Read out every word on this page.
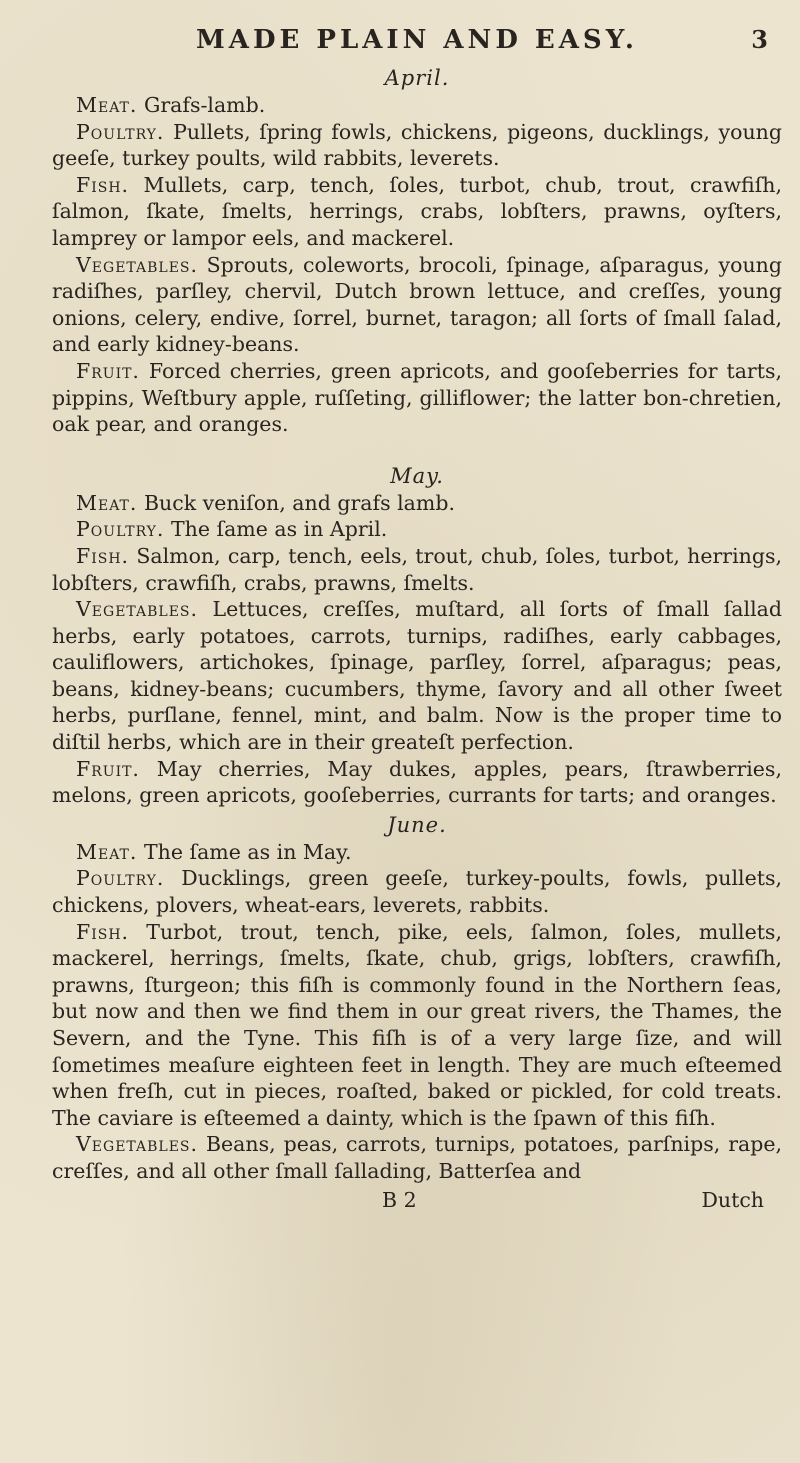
MADE PLAIN AND EASY.	3
April.

Meat. Grafs-lamb.

Poultry. Pullets, ſpring fowls, chickens, pigeons, ducklings, young geeſe, turkey poults, wild rabbits, leverets.

Fish. Mullets, carp, tench, ſoles, turbot, chub, trout, crawfiſh, ſalmon, ſkate, ſmelts, herrings, crabs, lobſters, prawns, oyſters, lamprey or lampor eels, and mackerel.

Vegetables. Sprouts, coleworts, brocoli, ſpinage, aſparagus, young radiſhes, parſley, chervil, Dutch brown lettuce, and creſſes, young onions, celery, endive, ſorrel, burnet, taragon; all ſorts of ſmall ſalad, and early kidney-beans.

Fruit. Forced cherries, green apricots, and gooſeberries for tarts, pippins, Weſtbury apple, ruſſeting, gilliflower; the latter bon-chretien, oak pear, and oranges.

May.

Meat. Buck veniſon, and grafs lamb.

Poultry. The ſame as in April.

Fish. Salmon, carp, tench, eels, trout, chub, ſoles, turbot, herrings, lobſters, crawfiſh, crabs, prawns, ſmelts.

Vegetables. Lettuces, creſſes, muſtard, all ſorts of ſmall ſallad herbs, early potatoes, carrots, turnips, radiſhes, early cabbages, cauliflowers, artichokes, ſpinage, parſley, ſorrel, aſparagus; peas, beans, kidney-beans; cucumbers, thyme, ſavory and all other ſweet herbs, purſlane, fennel, mint, and balm. Now is the proper time to diſtil herbs, which are in their greateſt perfection.

Fruit. May cherries, May dukes, apples, pears, ſtrawberries, melons, green apricots, gooſeberries, currants for tarts; and oranges.

June.

Meat. The ſame as in May.

Poultry. Ducklings, green geeſe, turkey-poults, fowls, pullets, chickens, plovers, wheat-ears, leverets, rabbits.

Fish. Turbot, trout, tench, pike, eels, ſalmon, ſoles, mullets, mackerel, herrings, ſmelts, ſkate, chub, grigs, lobſters, crawfiſh, prawns, ſturgeon; this fiſh is commonly found in the Northern ſeas, but now and then we find them in our great rivers, the Thames, the Severn, and the Tyne. This fiſh is of a very large ſize, and will ſometimes meaſure eighteen feet in length. They are much eſteemed when freſh, cut in pieces, roaſted, baked or pickled, for cold treats. The caviare is eſteemed a dainty, which is the ſpawn of this fiſh.

Vegetables. Beans, peas, carrots, turnips, potatoes, parſnips, rape, creſſes, and all other ſmall ſallading, Batterſea and

B 2	Dutch
